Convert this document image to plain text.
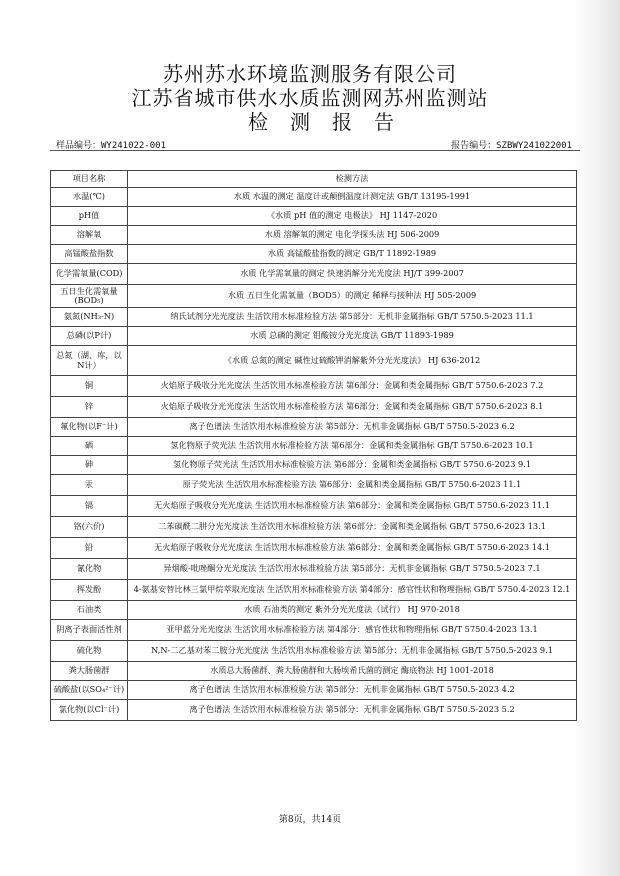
苏州苏水环境监测服务有限公司
江苏省城市供水水质监测网苏州监测站
检测报告
样品编号：WY241022-001	报告编号：SZBWY241022001
项目名称	检测方法
水温(℃)	水质 水温的测定 温度计或颠倒温度计测定法 GB/T 13195-1991
pH值	《水质 pH 值的测定 电极法》 HJ 1147-2020
溶解氧	水质 溶解氧的测定 电化学探头法 HJ 506-2009
高锰酸盐指数	水质 高锰酸盐指数的测定 GB/T 11892-1989
化学需氧量(COD)	水质 化学需氧量的测定 快速消解分光光度法 HJ/T 399-2007
五日生化需氧量(BOD₅)	水质 五日生化需氧量（BOD5）的测定 稀释与接种法 HJ 505-2009
氨氮(NH₃-N)	纳氏试剂分光光度法 生活饮用水标准检验方法 第5部分：无机非金属指标 GB/T 5750.5-2023 11.1
总磷(以P计)	水质 总磷的测定 钼酸铵分光光度法 GB/T 11893-1989
总氮（湖、库，以N计）	《水质 总氮的测定 碱性过硫酸钾消解紫外分光光度法》 HJ 636-2012
铜	火焰原子吸收分光光度法 生活饮用水标准检验方法 第6部分：金属和类金属指标 GB/T 5750.6-2023 7.2
锌	火焰原子吸收分光光度法 生活饮用水标准检验方法 第6部分：金属和类金属指标 GB/T 5750.6-2023 8.1
氟化物(以F⁻计)	离子色谱法 生活饮用水标准检验方法 第5部分：无机非金属指标 GB/T 5750.5-2023 6.2
硒	氢化物原子荧光法 生活饮用水标准检验方法 第6部分：金属和类金属指标 GB/T 5750.6-2023 10.1
砷	氢化物原子荧光法 生活饮用水标准检验方法 第6部分：金属和类金属指标 GB/T 5750.6-2023 9.1
汞	原子荧光法 生活饮用水标准检验方法 第6部分：金属和类金属指标 GB/T 5750.6-2023 11.1
镉	无火焰原子吸收分光光度法 生活饮用水标准检验方法 第6部分：金属和类金属指标 GB/T 5750.6-2023 11.1
铬(六价)	二苯碳酰二肼分光光度法 生活饮用水标准检验方法 第6部分：金属和类金属指标 GB/T 5750.6-2023 13.1
铅	无火焰原子吸收分光光度法 生活饮用水标准检验方法 第6部分：金属和类金属指标 GB/T 5750.6-2023 14.1
氰化物	异烟酸-吡唑酮分光光度法 生活饮用水标准检验方法 第5部分：无机非金属指标 GB/T 5750.5-2023 7.1
挥发酚	4-氨基安替比林三氯甲烷萃取光度法 生活饮用水标准检验方法 第4部分：感官性状和物理指标 GB/T 5750.4-2023 12.1
石油类	水质 石油类的测定 紫外分光光度法（试行） HJ 970-2018
阴离子表面活性剂	亚甲蓝分光光度法 生活饮用水标准检验方法 第4部分：感官性状和物理指标 GB/T 5750.4-2023 13.1
硫化物	N,N-二乙基对苯二胺分光光度法 生活饮用水标准检验方法 第5部分：无机非金属指标 GB/T 5750.5-2023 9.1
粪大肠菌群	水质总大肠菌群、粪大肠菌群和大肠埃希氏菌的测定 酶底物法 HJ 1001-2018
硫酸盐(以SO₄²⁻计)	离子色谱法 生活饮用水标准检验方法 第5部分：无机非金属指标 GB/T 5750.5-2023 4.2
氯化物(以Cl⁻计)	离子色谱法 生活饮用水标准检验方法 第5部分：无机非金属指标 GB/T 5750.5-2023 5.2
第8页，共14页
